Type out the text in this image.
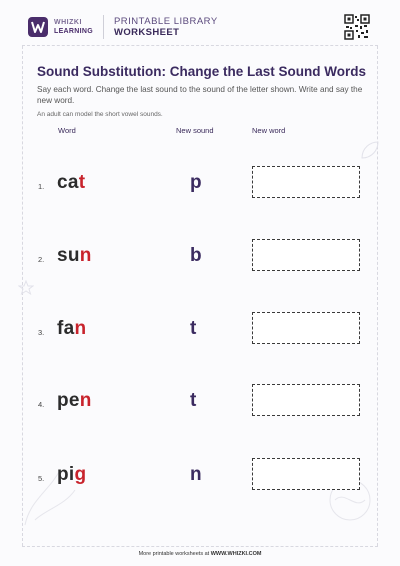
WHIZKI
LEARNING
PRINTABLE LIBRARY
WORKSHEET
Sound Substitution: Change the Last Sound Words

Say each word. Change the last sound to the sound of the letter shown. Write and say the new word.

An adult can model the short vowel sounds.

Word	New sound	New word
1. cat	p
2. sun	b
3. fan	t
4. pen	t
5. pig	n
More printable worksheets at WWW.WHIZKI.COM
